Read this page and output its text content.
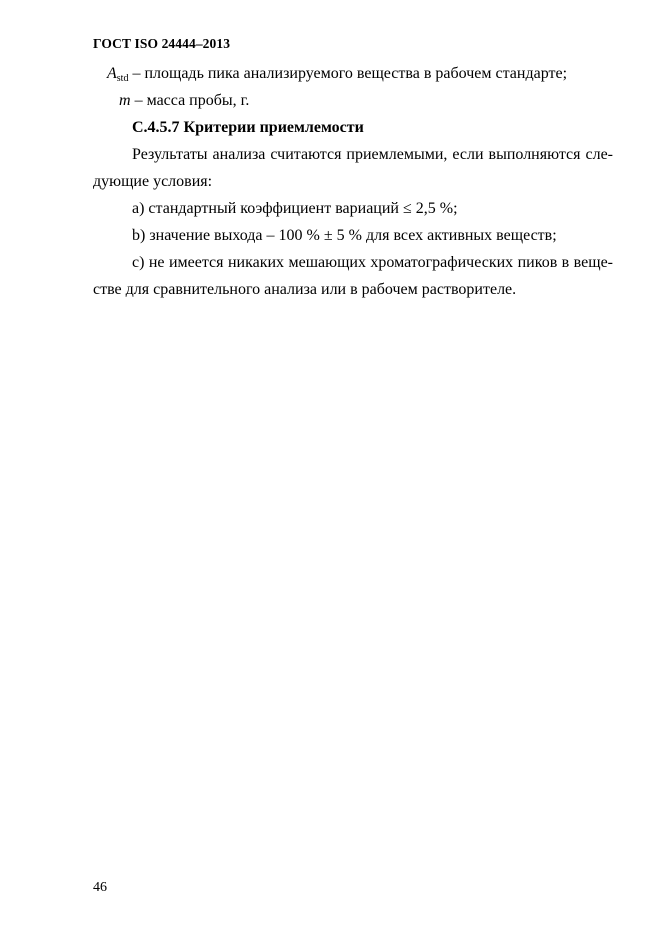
ГОСТ ISO 24444–2013
$A_{std}$ – площадь пика анализируемого вещества в рабочем стандарте;
m – масса пробы, г.
С.4.5.7 Критерии приемлемости
Результаты анализа считаются приемлемыми, если выполняются сле-
дующие условия:
а) стандартный коэффициент вариаций ≤ 2,5 %;
b) значение выхода – 100 % ± 5 % для всех активных веществ;
с) не имеется никаких мешающих хроматографических пиков в веще-
стве для сравнительного анализа или в рабочем растворителе.
46
